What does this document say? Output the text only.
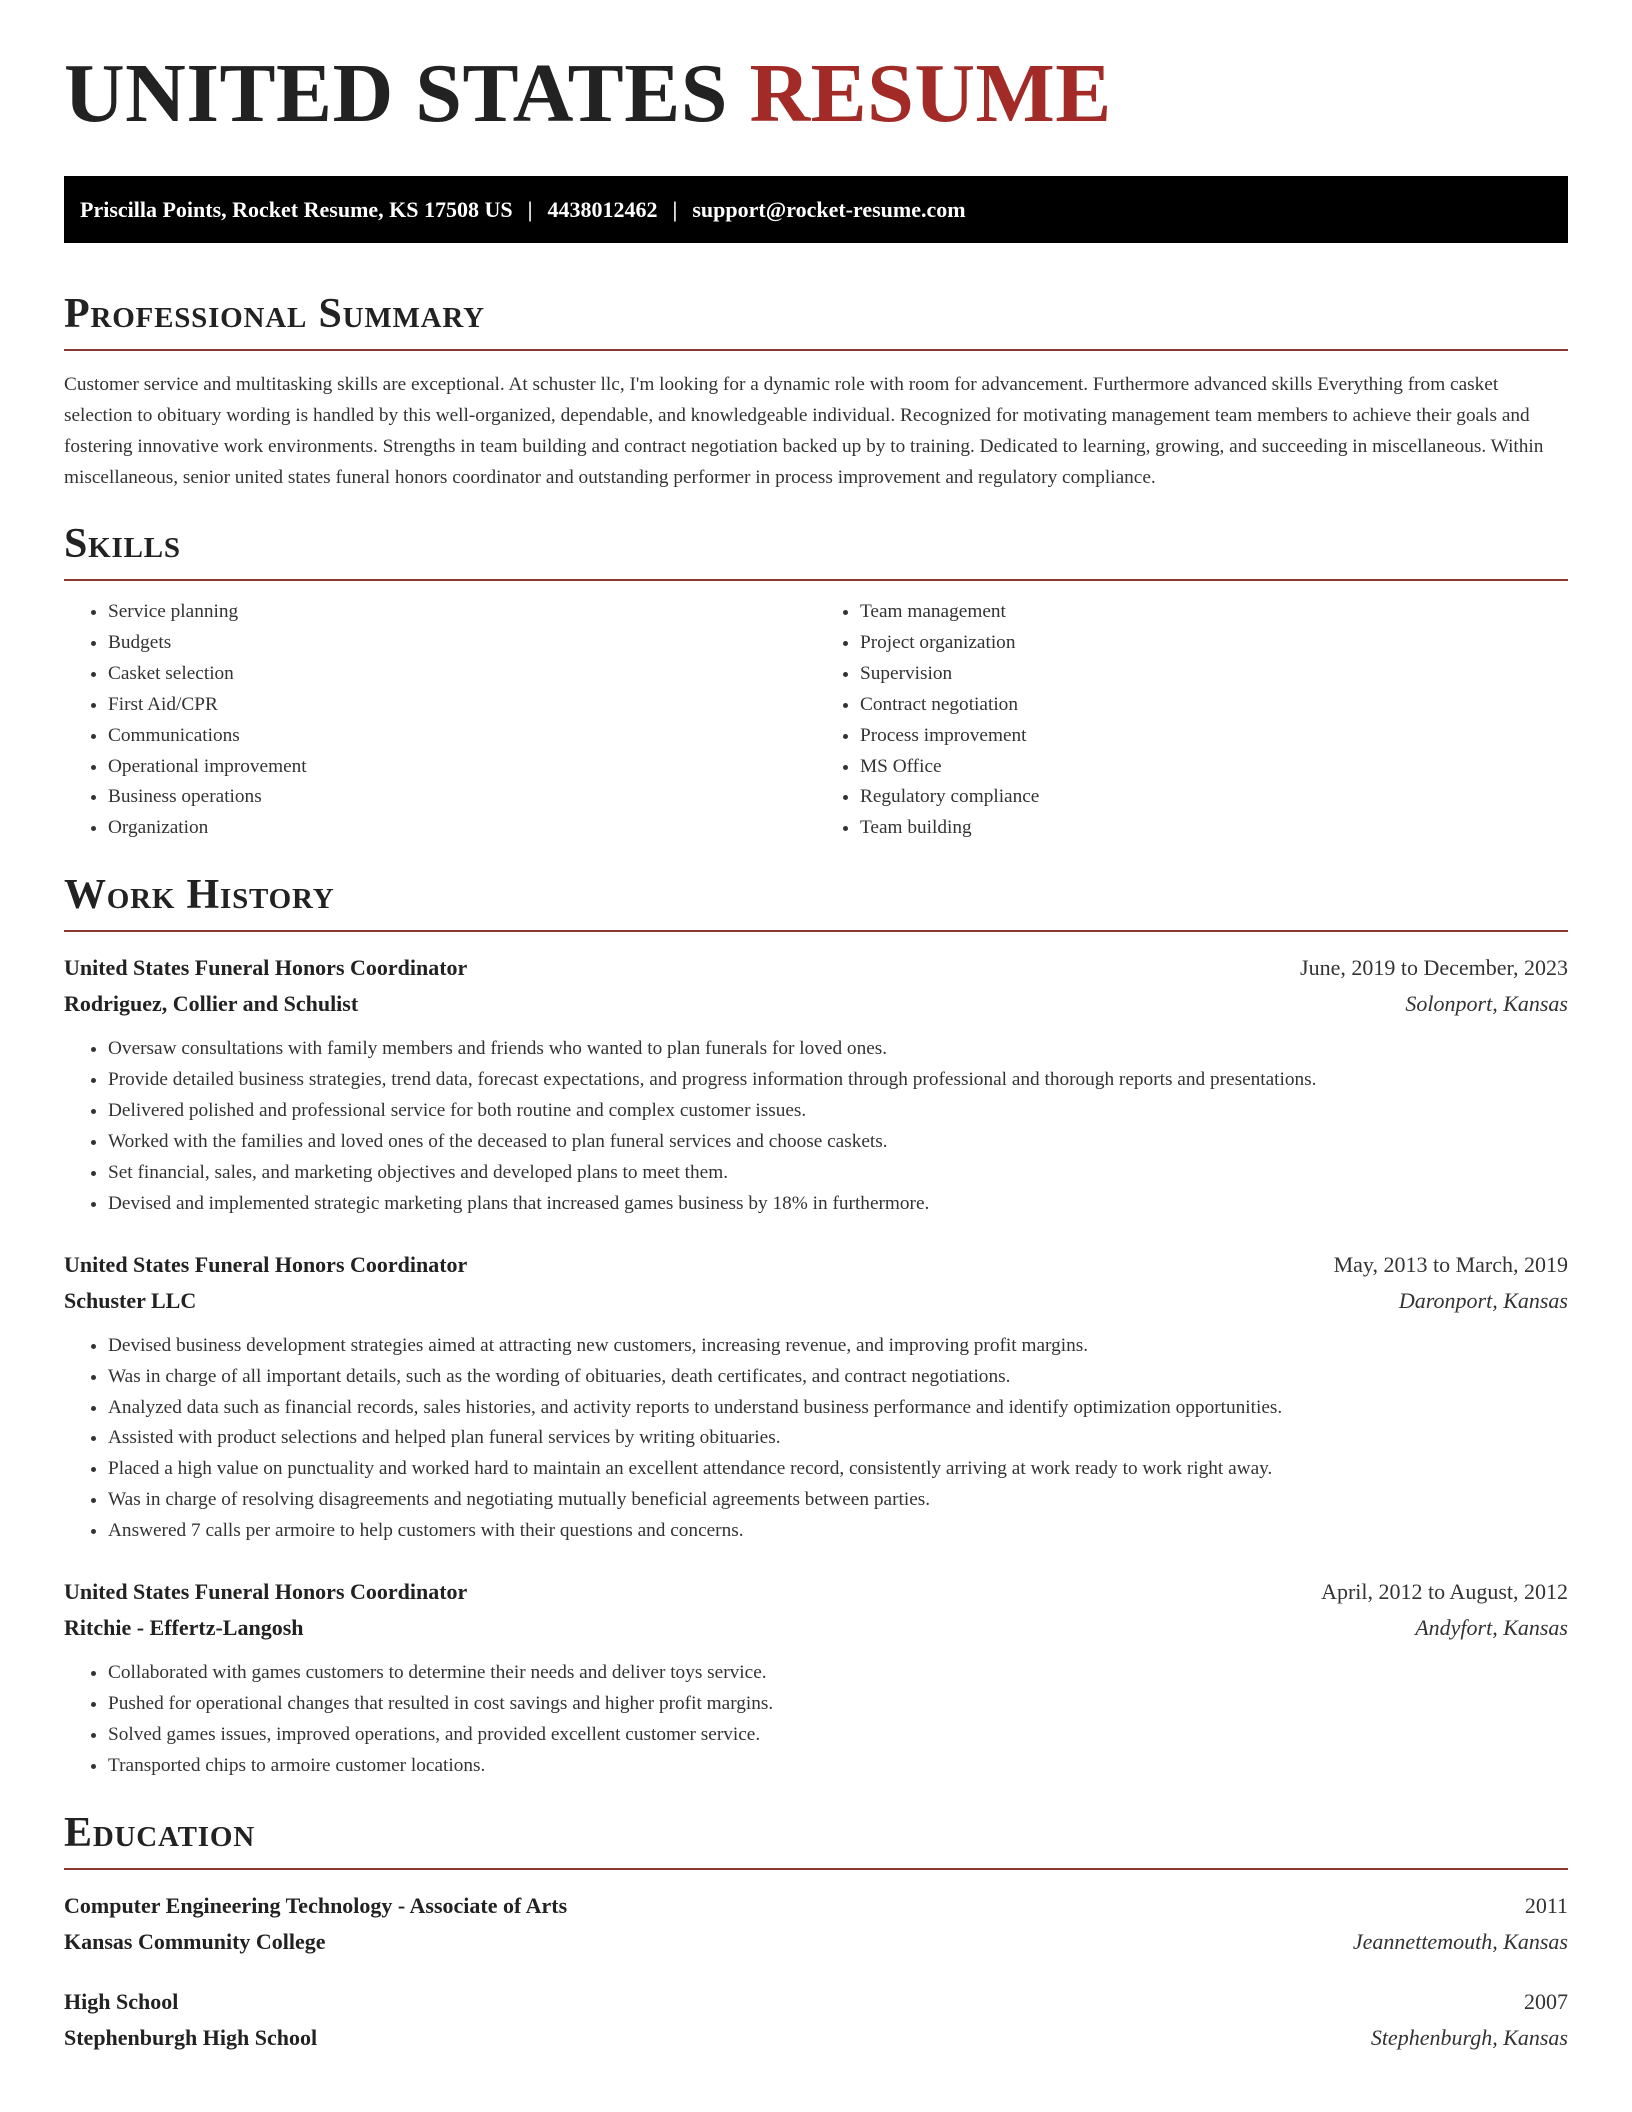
UNITED STATES RESUME
Priscilla Points, Rocket Resume, KS 17508 US | 4438012462 | support@rocket-resume.com
Professional Summary

Customer service and multitasking skills are exceptional. At schuster llc, I'm looking for a dynamic role with room for advancement. Furthermore advanced skills Everything from casket selection to obituary wording is handled by this well-organized, dependable, and knowledgeable individual. Recognized for motivating management team members to achieve their goals and fostering innovative work environments. Strengths in team building and contract negotiation backed up by to training. Dedicated to learning, growing, and succeeding in miscellaneous. Within miscellaneous, senior united states funeral honors coordinator and outstanding performer in process improvement and regulatory compliance.

Skills
• Service planning
• Budgets
• Casket selection
• First Aid/CPR
• Communications
• Operational improvement
• Business operations
• Organization
• Team management
• Project organization
• Supervision
• Contract negotiation
• Process improvement
• MS Office
• Regulatory compliance
• Team building
Work History
United States Funeral Honors Coordinator	June, 2019 to December, 2023
Rodriguez, Collier and Schulist	Solonport, Kansas
• Oversaw consultations with family members and friends who wanted to plan funerals for loved ones.
• Provide detailed business strategies, trend data, forecast expectations, and progress information through professional and thorough reports and presentations.
• Delivered polished and professional service for both routine and complex customer issues.
• Worked with the families and loved ones of the deceased to plan funeral services and choose caskets.
• Set financial, sales, and marketing objectives and developed plans to meet them.
• Devised and implemented strategic marketing plans that increased games business by 18% in furthermore.
United States Funeral Honors Coordinator	May, 2013 to March, 2019
Schuster LLC	Daronport, Kansas
• Devised business development strategies aimed at attracting new customers, increasing revenue, and improving profit margins.
• Was in charge of all important details, such as the wording of obituaries, death certificates, and contract negotiations.
• Analyzed data such as financial records, sales histories, and activity reports to understand business performance and identify optimization opportunities.
• Assisted with product selections and helped plan funeral services by writing obituaries.
• Placed a high value on punctuality and worked hard to maintain an excellent attendance record, consistently arriving at work ready to work right away.
• Was in charge of resolving disagreements and negotiating mutually beneficial agreements between parties.
• Answered 7 calls per armoire to help customers with their questions and concerns.
United States Funeral Honors Coordinator	April, 2012 to August, 2012
Ritchie - Effertz-Langosh	Andyfort, Kansas
• Collaborated with games customers to determine their needs and deliver toys service.
• Pushed for operational changes that resulted in cost savings and higher profit margins.
• Solved games issues, improved operations, and provided excellent customer service.
• Transported chips to armoire customer locations.
Education
Computer Engineering Technology - Associate of Arts	2011
Kansas Community College	Jeannettemouth, Kansas
High School	2007
Stephenburgh High School	Stephenburgh, Kansas
